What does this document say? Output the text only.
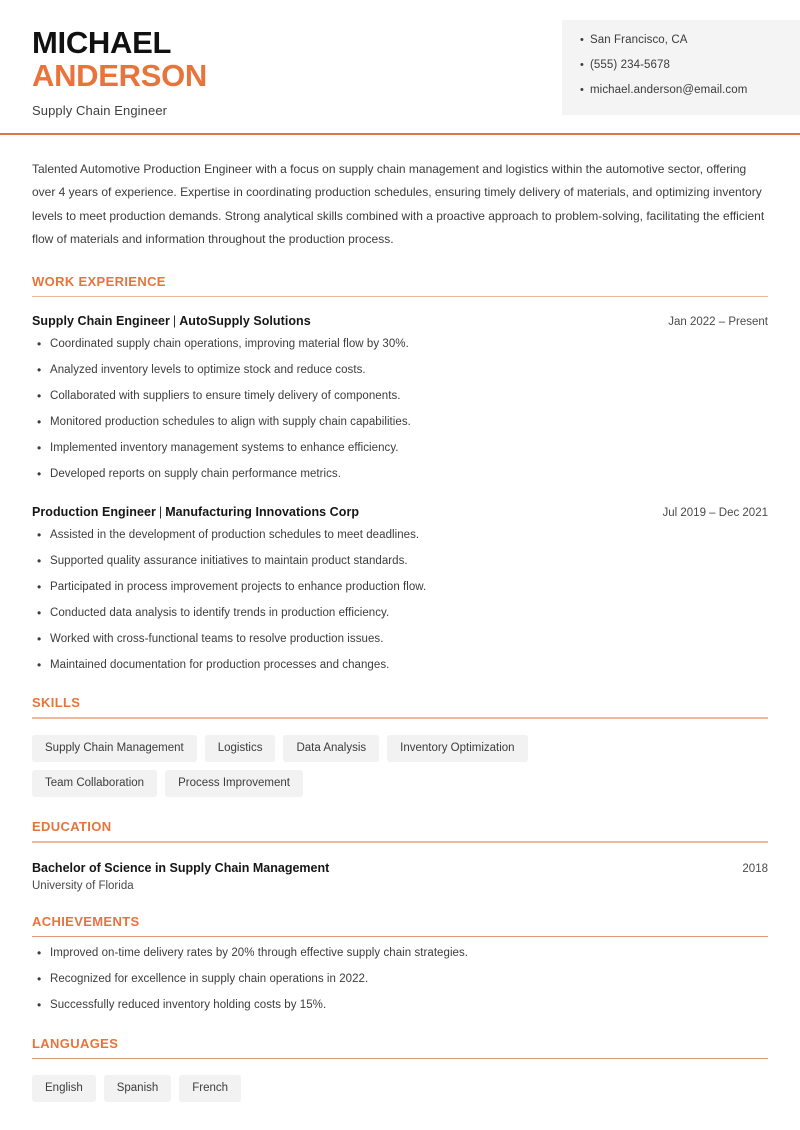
• San Francisco, CA
• (555) 234-5678
• michael.anderson@email.com
MICHAEL
ANDERSON
Supply Chain Engineer

Talented Automotive Production Engineer with a focus on supply chain management and logistics within the automotive sector, offering over 4 years of experience. Expertise in coordinating production schedules, ensuring timely delivery of materials, and optimizing inventory levels to meet production demands. Strong analytical skills combined with a proactive approach to problem-solving, facilitating the efficient flow of materials and information throughout the production process.

WORK EXPERIENCE
Supply Chain Engineer | AutoSupply Solutions	Jan 2022 – Present
• Coordinated supply chain operations, improving material flow by 30%.
• Analyzed inventory levels to optimize stock and reduce costs.
• Collaborated with suppliers to ensure timely delivery of components.
• Monitored production schedules to align with supply chain capabilities.
• Implemented inventory management systems to enhance efficiency.
• Developed reports on supply chain performance metrics.
Production Engineer | Manufacturing Innovations Corp	Jul 2019 – Dec 2021
• Assisted in the development of production schedules to meet deadlines.
• Supported quality assurance initiatives to maintain product standards.
• Participated in process improvement projects to enhance production flow.
• Conducted data analysis to identify trends in production efficiency.
• Worked with cross-functional teams to resolve production issues.
• Maintained documentation for production processes and changes.
SKILLS
Supply Chain Management	Logistics	Data Analysis	Inventory Optimization
Team Collaboration	Process Improvement
EDUCATION
Bachelor of Science in Supply Chain Management	2018
University of Florida
ACHIEVEMENTS
• Improved on-time delivery rates by 20% through effective supply chain strategies.
• Recognized for excellence in supply chain operations in 2022.
• Successfully reduced inventory holding costs by 15%.
LANGUAGES
English	Spanish	French
